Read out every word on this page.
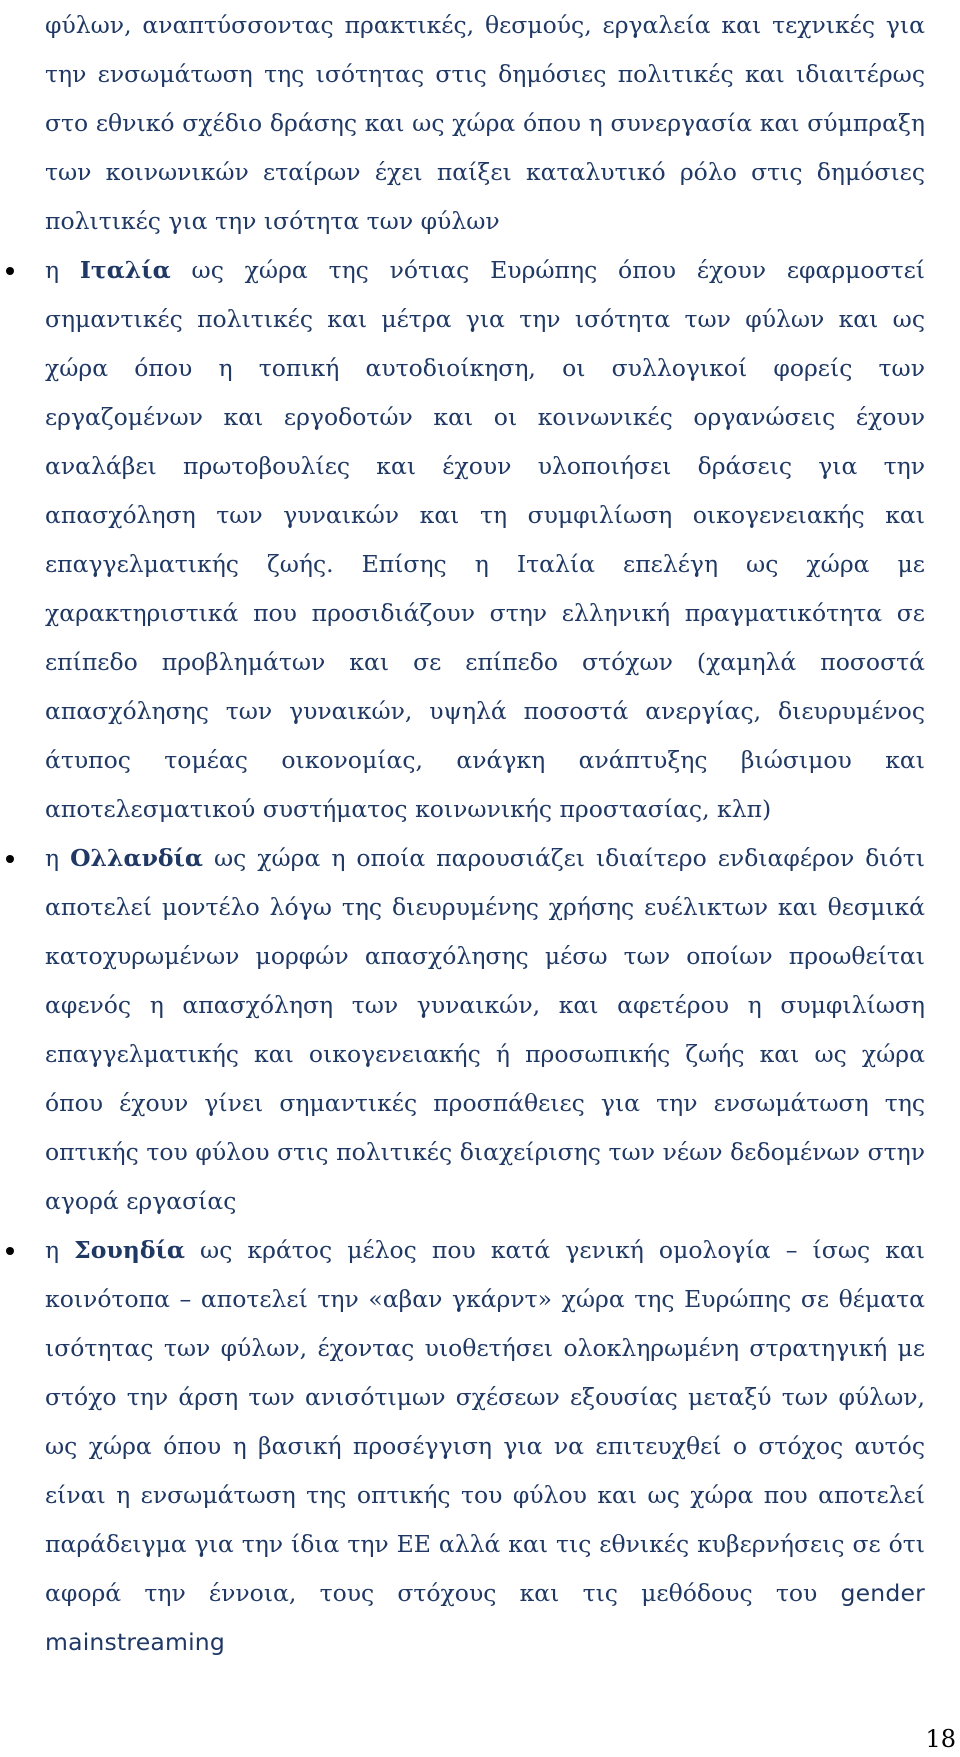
φύλων, αναπτύσσοντας πρακτικές, θεσμούς, εργαλεία και τεχνικές για την ενσωμάτωση της ισότητας στις δημόσιες πολιτικές και ιδιαιτέρως στο εθνικό σχέδιο δράσης και ως χώρα όπου η συνεργασία και σύμπραξη των κοινωνικών εταίρων έχει παίξει καταλυτικό ρόλο στις δημόσιες πολιτικές για την ισότητα των φύλων
η Ιταλία ως χώρα της νότιας Ευρώπης όπου έχουν εφαρμοστεί σημαντικές πολιτικές και μέτρα για την ισότητα των φύλων και ως χώρα όπου η τοπική αυτοδιοίκηση, οι συλλογικοί φορείς των εργαζομένων και εργοδοτών και οι κοινωνικές οργανώσεις έχουν αναλάβει πρωτοβουλίες και έχουν υλοποιήσει δράσεις για την απασχόληση των γυναικών και τη συμφιλίωση οικογενειακής και επαγγελματικής ζωής. Επίσης η Ιταλία επελέγη ως χώρα με χαρακτηριστικά που προσιδιάζουν στην ελληνική πραγματικότητα σε επίπεδο προβλημάτων και σε επίπεδο στόχων (χαμηλά ποσοστά απασχόλησης των γυναικών, υψηλά ποσοστά ανεργίας, διευρυμένος άτυπος τομέας οικονομίας, ανάγκη ανάπτυξης βιώσιμου και αποτελεσματικού συστήματος κοινωνικής προστασίας, κλπ)
η Ολλανδία ως χώρα η οποία παρουσιάζει ιδιαίτερο ενδιαφέρον διότι αποτελεί μοντέλο λόγω της διευρυμένης χρήσης ευέλικτων και θεσμικά κατοχυρωμένων μορφών απασχόλησης μέσω των οποίων προωθείται αφενός η απασχόληση των γυναικών, και αφετέρου η συμφιλίωση επαγγελματικής και οικογενειακής ή προσωπικής ζωής και ως χώρα όπου έχουν γίνει σημαντικές προσπάθειες για την ενσωμάτωση της οπτικής του φύλου στις πολιτικές διαχείρισης των νέων δεδομένων στην αγορά εργασίας
η Σουηδία ως κράτος μέλος που κατά γενική ομολογία – ίσως και κοινότοπα – αποτελεί την «αβαν γκάρντ» χώρα της Ευρώπης σε θέματα ισότητας των φύλων, έχοντας υιοθετήσει ολοκληρωμένη στρατηγική με στόχο την άρση των ανισότιμων σχέσεων εξουσίας μεταξύ των φύλων, ως χώρα όπου η βασική προσέγγιση για να επιτευχθεί ο στόχος αυτός είναι η ενσωμάτωση της οπτικής του φύλου και ως χώρα που αποτελεί παράδειγμα για την ίδια την ΕΕ αλλά και τις εθνικές κυβερνήσεις σε ότι αφορά την έννοια, τους στόχους και τις μεθόδους του gender mainstreaming
18
